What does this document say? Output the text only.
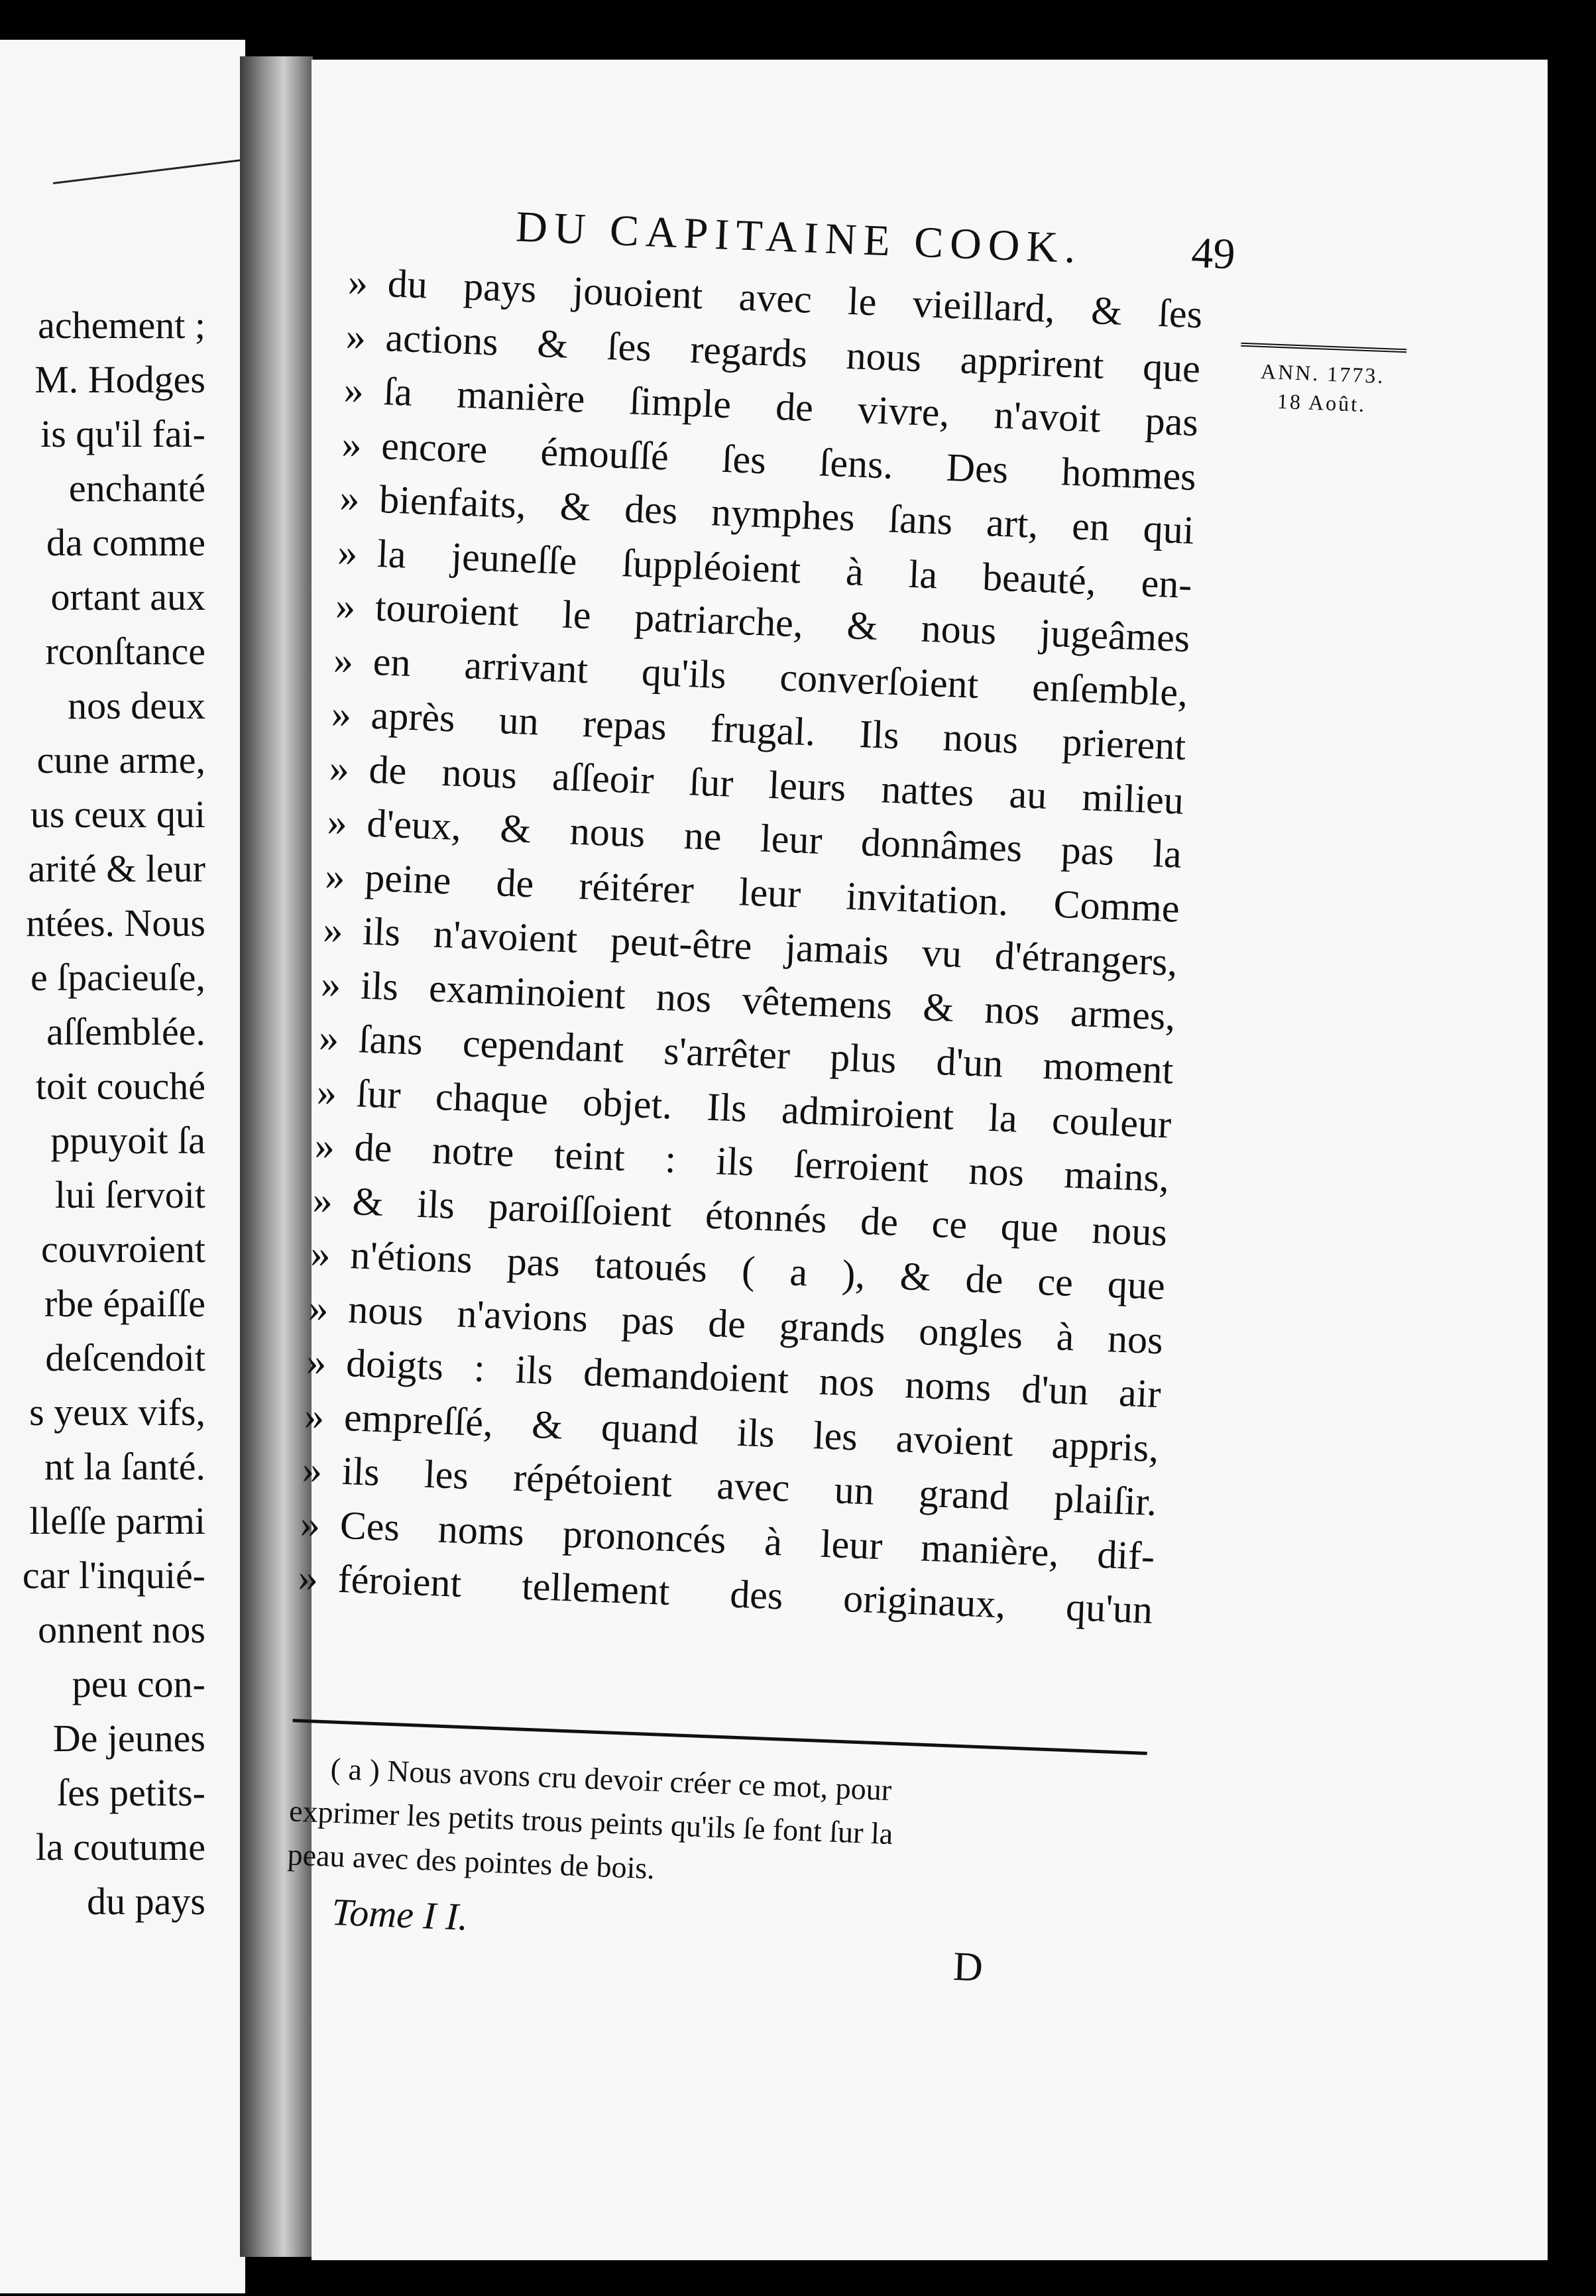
achement ;
M. Hodges
is qu'il fai-
enchanté
da comme
ortant aux
rconſtance
nos deux
cune arme,
us ceux qui
arité & leur
ntées. Nous
e ſpacieuſe,
aſſemblée.
toit couché
ppuyoit ſa
lui ſervoit
couvroient
rbe épaiſſe
deſcendoit
s yeux vifs,
nt la ſanté.
lleſſe parmi
car l'inquié-
onnent nos
peu con-
De jeunes
ſes petits-
la coutume
du pays
DU CAPITAINE COOK. 49
ANN. 1773.
18 Août.
» du pays jouoient avec le vieillard, & ſes
» actions & ſes regards nous apprirent que
» ſa manière ſimple de vivre, n'avoit pas
» encore émouſſé ſes ſens. Des hommes
» bienfaits, & des nymphes ſans art, en qui
» la jeuneſſe ſuppléoient à la beauté, en-
» touroient le patriarche, & nous jugeâmes
» en arrivant qu'ils converſoient enſemble,
» après un repas frugal. Ils nous prierent
» de nous aſſeoir ſur leurs nattes au milieu
» d'eux, & nous ne leur donnâmes pas la
» peine de réitérer leur invitation. Comme
» ils n'avoient peut-être jamais vu d'étrangers,
» ils examinoient nos vêtemens & nos armes,
» ſans cependant s'arrêter plus d'un moment
» ſur chaque objet. Ils admiroient la couleur
» de notre teint : ils ſerroient nos mains,
» & ils paroiſſoient étonnés de ce que nous
» n'étions pas tatoués ( a ), & de ce que
» nous n'avions pas de grands ongles à nos
» doigts : ils demandoient nos noms d'un air
» empreſſé, & quand ils les avoient appris,
» ils les répétoient avec un grand plaiſir.
» Ces noms prononcés à leur manière, dif-
» féroient tellement des originaux, qu'un

( a ) Nous avons cru devoir créer ce mot, pour

exprimer les petits trous peints qu'ils ſe font ſur la

peau avec des pointes de bois.

Tome I I.
D
